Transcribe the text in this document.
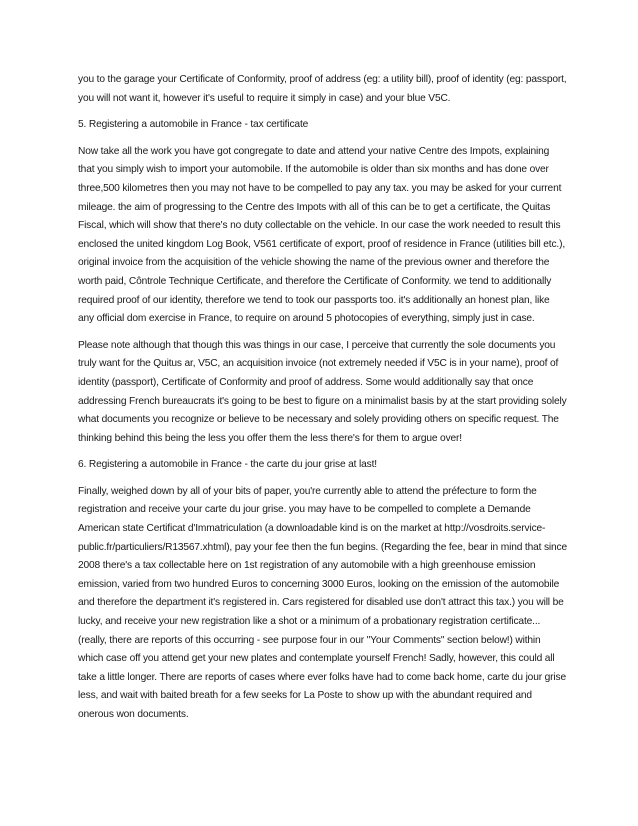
you to the garage your Certificate of Conformity, proof of address (eg: a utility bill), proof of identity (eg: passport, you will not want it, however it's useful to require it simply in case) and your blue V5C.

5. Registering a automobile in France - tax certificate

Now take all the work you have got congregate to date and attend your native Centre des Impots, explaining that you simply wish to import your automobile. If the automobile is older than six months and has done over three,500 kilometres then you may not have to be compelled to pay any tax. you may be asked for your current mileage. the aim of progressing to the Centre des Impots with all of this can be to get a certificate, the Quitas Fiscal, which will show that there's no duty collectable on the vehicle. In our case the work needed to result this enclosed the united kingdom Log Book, V561 certificate of export, proof of residence in France (utilities bill etc.), original invoice from the acquisition of the vehicle showing the name of the previous owner and therefore the worth paid, Côntrole Technique Certificate, and therefore the Certificate of Conformity. we tend to additionally required proof of our identity, therefore we tend to took our passports too. it's additionally an honest plan, like any official dom exercise in France, to require on around 5 photocopies of everything, simply just in case.

Please note although that though this was things in our case, I perceive that currently the sole documents you truly want for the Quitus ar, V5C, an acquisition invoice (not extremely needed if V5C is in your name), proof of identity (passport), Certificate of Conformity and proof of address. Some would additionally say that once addressing French bureaucrats it's going to be best to figure on a minimalist basis by at the start providing solely what documents you recognize or believe to be necessary and solely providing others on specific request. The thinking behind this being the less you offer them the less there's for them to argue over!

6. Registering a automobile in France - the carte du jour grise at last!

Finally, weighed down by all of your bits of paper, you're currently able to attend the préfecture to form the registration and receive your carte du jour grise. you may have to be compelled to complete a Demande American state Certificat d'Immatriculation (a downloadable kind is on the market at http://vosdroits.service-public.fr/particuliers/R13567.xhtml), pay your fee then the fun begins. (Regarding the fee, bear in mind that since 2008 there's a tax collectable here on 1st registration of any automobile with a high greenhouse emission emission, varied from two hundred Euros to concerning 3000 Euros, looking on the emission of the automobile and therefore the department it's registered in. Cars registered for disabled use don't attract this tax.) you will be lucky, and receive your new registration like a shot or a minimum of a probationary registration certificate... (really, there are reports of this occurring - see purpose four in our "Your Comments" section below!) within which case off you attend get your new plates and contemplate yourself French! Sadly, however, this could all take a little longer. There are reports of cases where ever folks have had to come back home, carte du jour grise less, and wait with baited breath for a few seeks for La Poste to show up with the abundant required and onerous won documents.
